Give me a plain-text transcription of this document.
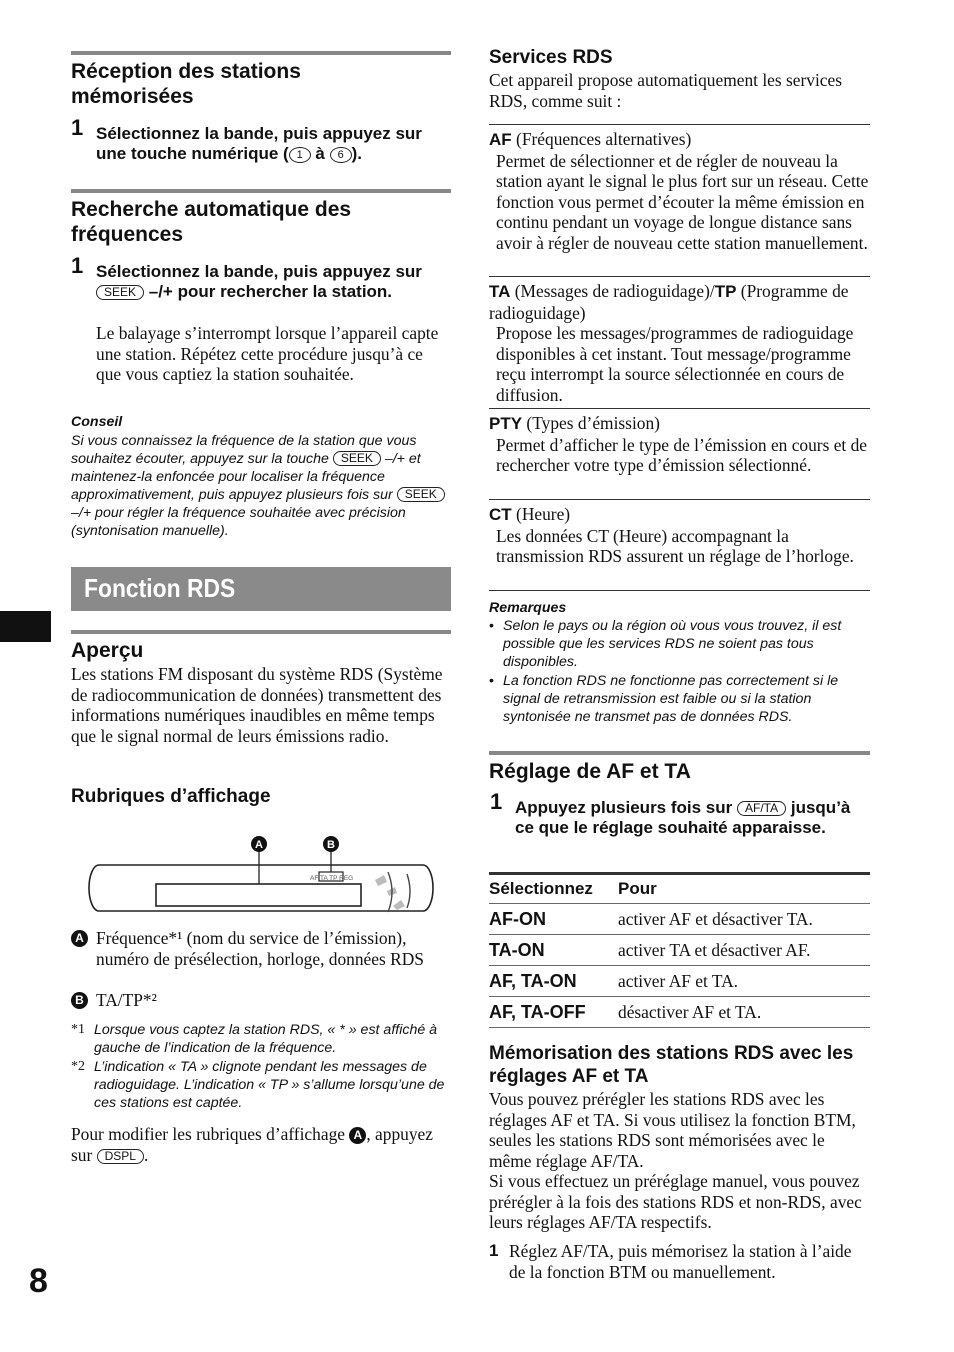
8
Réception des stations mémorisées
1 Sélectionnez la bande, puis appuyez sur une touche numérique ( 1 à 6 ).
Recherche automatique des fréquences
1 Sélectionnez la bande, puis appuyez sur SEEK –/+ pour rechercher la station.
Le balayage s’interrompt lorsque l’appareil capte une station. Répétez cette procédure jusqu’à ce que vous captiez la station souhaitée.
Conseil
Si vous connaissez la fréquence de la station que vous souhaitez écouter, appuyez sur la touche SEEK –/+ et maintenez-la enfoncée pour localiser la fréquence approximativement, puis appuyez plusieurs fois sur SEEK –/+ pour régler la fréquence souhaitée avec précision (syntonisation manuelle).
Fonction RDS
Aperçu
Les stations FM disposant du système RDS (Système de radiocommunication de données) transmettent des informations numériques inaudibles en même temps que le signal normal de leurs émissions radio.
Rubriques d’affichage
A	B
AF TA TP REG
A Fréquence*¹ (nom du service de l’émission), numéro de présélection, horloge, données RDS
B TA/TP*²
*1 Lorsque vous captez la station RDS, « * » est affiché à gauche de l’indication de la fréquence.
*2 L’indication « TA » clignote pendant les messages de radioguidage. L’indication « TP » s’allume lorsqu’une de ces stations est captée.
Pour modifier les rubriques d’affichage A , appuyez sur DSPL .
Services RDS
Cet appareil propose automatiquement les services RDS, comme suit :
AF (Fréquences alternatives)
Permet de sélectionner et de régler de nouveau la station ayant le signal le plus fort sur un réseau. Cette fonction vous permet d’écouter la même émission en continu pendant un voyage de longue distance sans avoir à régler de nouveau cette station manuellement.
TA (Messages de radioguidage)/TP (Programme de radioguidage)
Propose les messages/programmes de radioguidage disponibles à cet instant. Tout message/programme reçu interrompt la source sélectionnée en cours de diffusion.
PTY (Types d’émission)
Permet d’afficher le type de l’émission en cours et de rechercher votre type d’émission sélectionné.
CT (Heure)
Les données CT (Heure) accompagnant la transmission RDS assurent un réglage de l’horloge.
Remarques
• Selon le pays ou la région où vous vous trouvez, il est possible que les services RDS ne soient pas tous disponibles.
• La fonction RDS ne fonctionne pas correctement si le signal de retransmission est faible ou si la station syntonisée ne transmet pas de données RDS.
Réglage de AF et TA
1 Appuyez plusieurs fois sur AF/TA jusqu’à ce que le réglage souhaité apparaisse.
Sélectionnez	Pour
AF-ON	activer AF et désactiver TA.
TA-ON	activer TA et désactiver AF.
AF, TA-ON	activer AF et TA.
AF, TA-OFF	désactiver AF et TA.
Mémorisation des stations RDS avec les réglages AF et TA
Vous pouvez prérégler les stations RDS avec les réglages AF et TA. Si vous utilisez la fonction BTM, seules les stations RDS sont mémorisées avec le même réglage AF/TA.
Si vous effectuez un préréglage manuel, vous pouvez prérégler à la fois des stations RDS et non-RDS, avec leurs réglages AF/TA respectifs.
1 Réglez AF/TA, puis mémorisez la station à l’aide de la fonction BTM ou manuellement.
